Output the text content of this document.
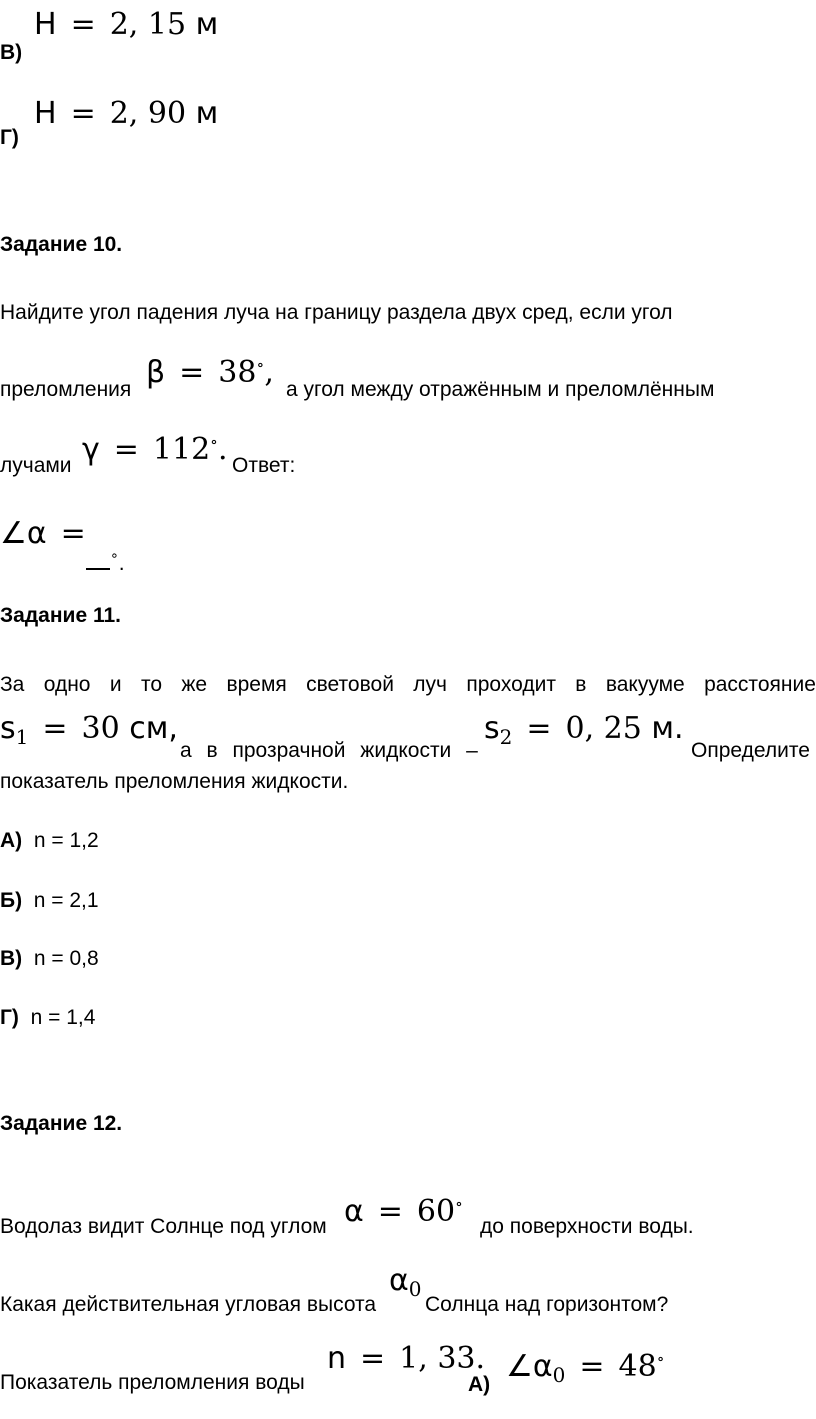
В)
Н = 2, 15 м
Г)
Н = 2, 90 м
Задание 10.
Найдите угол падения луча на границу раздела двух сред, если угол
преломления β = 38∘, а угол между отражённым и преломлённым
лучами γ = 112∘. Ответ:
∠α =
∘.
Задание 11.
За одно и то же время световой луч проходит в вакууме расстояние
$s_1 = 30$ см,
а в прозрачной жидкости –
$s_2 = 0$, 25 м.
Определите
показатель преломления жидкости.
А) n = 1,2
Б) n = 2,1
В) n = 0,8
Г) n = 1,4
Задание 12.
Водолаз видит Солнце под углом α = 60∘
до поверхности воды.
Какая действительная угловая высота
$\alpha_0$
Солнца над горизонтом?
Показатель преломления воды
n = 1, 33.
А)
$\angle\alpha_0 = 48^\circ$
